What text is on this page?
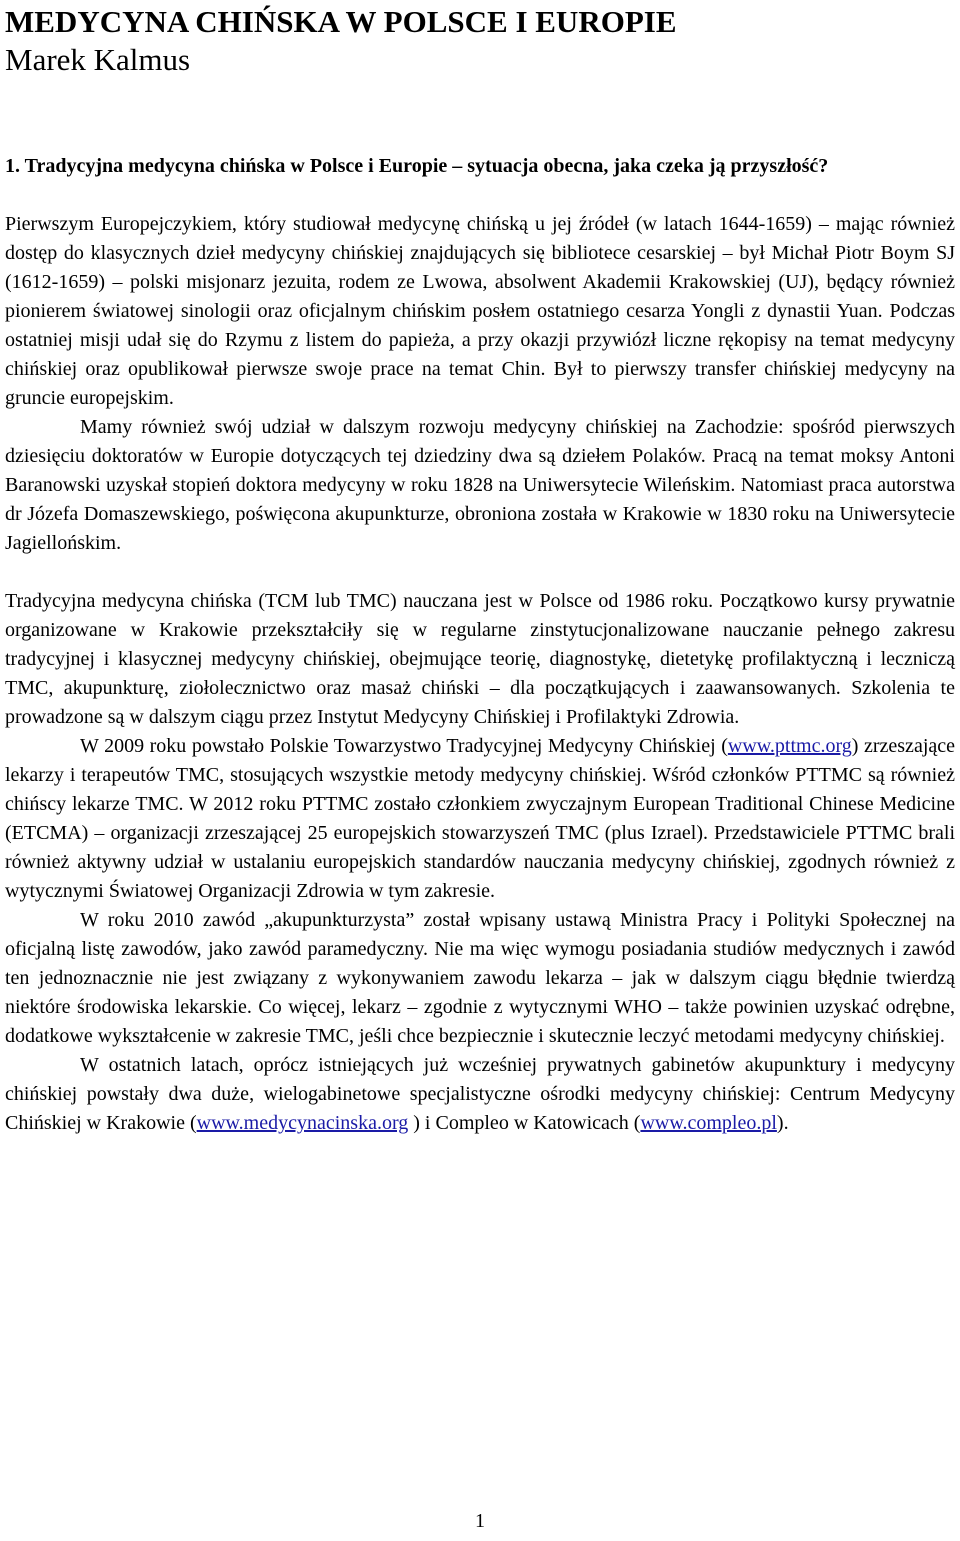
MEDYCYNA CHIŃSKA W POLSCE I EUROPIE
Marek Kalmus
1. Tradycyjna medycyna chińska w Polsce i Europie – sytuacja obecna, jaka czeka ją przyszłość?

Pierwszym Europejczykiem, który studiował medycynę chińską u jej źródeł (w latach 1644-1659) – mając również dostęp do klasycznych dzieł medycyny chińskiej znajdujących się bibliotece cesarskiej – był Michał Piotr Boym SJ (1612-1659) – polski misjonarz jezuita, rodem ze Lwowa, absolwent Akademii Krakowskiej (UJ), będący również pionierem światowej sinologii oraz oficjalnym chińskim posłem ostatniego cesarza Yongli z dynastii Yuan. Podczas ostatniej misji udał się do Rzymu z listem do papieża, a przy okazji przywiózł liczne rękopisy na temat medycyny chińskiej oraz opublikował pierwsze swoje prace na temat Chin. Był to pierwszy transfer chińskiej medycyny na gruncie europejskim.

Mamy również swój udział w dalszym rozwoju medycyny chińskiej na Zachodzie: spośród pierwszych dziesięciu doktoratów w Europie dotyczących tej dziedziny dwa są dziełem Polaków. Pracą na temat moksy Antoni Baranowski uzyskał stopień doktora medycyny w roku 1828 na Uniwersytecie Wileńskim. Natomiast praca autorstwa dr Józefa Domaszewskiego, poświęcona akupunkturze, obroniona została w Krakowie w 1830 roku na Uniwersytecie Jagiellońskim.

Tradycyjna medycyna chińska (TCM lub TMC) nauczana jest w Polsce od 1986 roku. Początkowo kursy prywatnie organizowane w Krakowie przekształciły się w regularne zinstytucjonalizowane nauczanie pełnego zakresu tradycyjnej i klasycznej medycyny chińskiej, obejmujące teorię, diagnostykę, dietetykę profilaktyczną i leczniczą TMC, akupunkturę, ziołolecznictwo oraz masaż chiński – dla początkujących i zaawansowanych. Szkolenia te prowadzone są w dalszym ciągu przez Instytut Medycyny Chińskiej i Profilaktyki Zdrowia.

W 2009 roku powstało Polskie Towarzystwo Tradycyjnej Medycyny Chińskiej (www.pttmc.org) zrzeszające lekarzy i terapeutów TMC, stosujących wszystkie metody medycyny chińskiej. Wśród członków PTTMC są również chińscy lekarze TMC. W 2012 roku PTTMC zostało członkiem zwyczajnym European Traditional Chinese Medicine (ETCMA) – organizacji zrzeszającej 25 europejskich stowarzyszeń TMC (plus Izrael). Przedstawiciele PTTMC brali również aktywny udział w ustalaniu europejskich standardów nauczania medycyny chińskiej, zgodnych również z wytycznymi Światowej Organizacji Zdrowia w tym zakresie.

W roku 2010 zawód „akupunkturzysta” został wpisany ustawą Ministra Pracy i Polityki Społecznej na oficjalną listę zawodów, jako zawód paramedyczny. Nie ma więc wymogu posiadania studiów medycznych i zawód ten jednoznacznie nie jest związany z wykonywaniem zawodu lekarza – jak w dalszym ciągu błędnie twierdzą niektóre środowiska lekarskie. Co więcej, lekarz – zgodnie z wytycznymi WHO – także powinien uzyskać odrębne, dodatkowe wykształcenie w zakresie TMC, jeśli chce bezpiecznie i skutecznie leczyć metodami medycyny chińskiej.

W ostatnich latach, oprócz istniejących już wcześniej prywatnych gabinetów akupunktury i medycyny chińskiej powstały dwa duże, wielogabinetowe specjalistyczne ośrodki medycyny chińskiej: Centrum Medycyny Chińskiej w Krakowie (www.medycynacinska.org ) i Compleo w Katowicach (www.compleo.pl).

1
